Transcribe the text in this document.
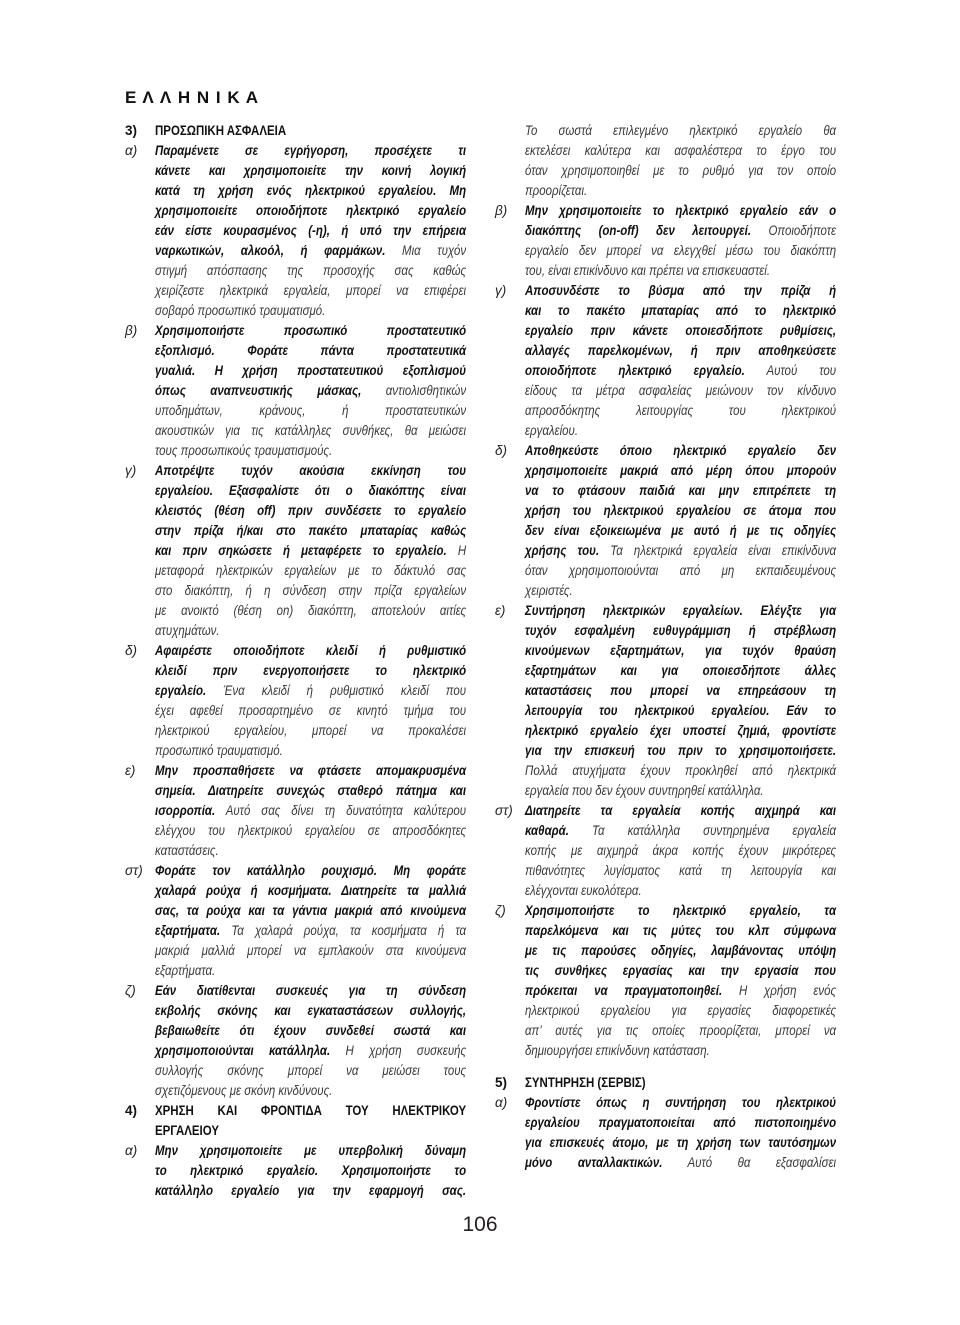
Ε Λ Λ Η Ν Ι Κ Α
3) ΠΡΟΣΩΠΙΚΗ ΑΣΦΑΛΕΙΑ
α) Παραμένετε σε εγρήγορση, προσέχετε τι
κάνετε και χρησιμοποιείτε την κοινή λογική
κατά τη χρήση ενός ηλεκτρικού εργαλείου. Μη
χρησιμοποιείτε οποιοδήποτε ηλεκτρικό εργαλείο
εάν είστε κουρασμένος (-η), ή υπό την επήρεια
ναρκωτικών, αλκοόλ, ή φαρμάκων. Μια τυχόν
στιγμή απόσπασης της προσοχής σας καθώς
χειρίζεστε ηλεκτρικά εργαλεία, μπορεί να επιφέρει
σοβαρό προσωπικό τραυματισμό.
β) Χρησιμοποιήστε προσωπικό προστατευτικό
εξοπλισμό. Φοράτε πάντα προστατευτικά
γυαλιά. Η χρήση προστατευτικού εξοπλισμού
όπως αναπνευστικής μάσκας, αντιολισθητικών
υποδημάτων, κράνους, ή προστατευτικών
ακουστικών για τις κατάλληλες συνθήκες, θα μειώσει
τους προσωπικούς τραυματισμούς.
γ) Αποτρέψτε τυχόν ακούσια εκκίνηση του
εργαλείου. Εξασφαλίστε ότι ο διακόπτης είναι
κλειστός (θέση off) πριν συνδέσετε το εργαλείο
στην πρίζα ή/και στο πακέτο μπαταρίας καθώς
και πριν σηκώσετε ή μεταφέρετε το εργαλείο. Η
μεταφορά ηλεκτρικών εργαλείων με το δάκτυλό σας
στο διακόπτη, ή η σύνδεση στην πρίζα εργαλείων
με ανοικτό (θέση on) διακόπτη, αποτελούν αιτίες
ατυχημάτων.
δ) Αφαιρέστε οποιοδήποτε κλειδί ή ρυθμιστικό
κλειδί πριν ενεργοποιήσετε το ηλεκτρικό
εργαλείο. Ένα κλειδί ή ρυθμιστικό κλειδί που
έχει αφεθεί προσαρτημένο σε κινητό τμήμα του
ηλεκτρικού εργαλείου, μπορεί να προκαλέσει
προσωπικό τραυματισμό.
ε) Μην προσπαθήσετε να φτάσετε απομακρυσμένα
σημεία. Διατηρείτε συνεχώς σταθερό πάτημα και
ισορροπία. Αυτό σας δίνει τη δυνατότητα καλύτερου
ελέγχου του ηλεκτρικού εργαλείου σε απροσδόκητες
καταστάσεις.
στ) Φοράτε τον κατάλληλο ρουχισμό. Μη φοράτε
χαλαρά ρούχα ή κοσμήματα. Διατηρείτε τα μαλλιά
σας, τα ρούχα και τα γάντια μακριά από κινούμενα
εξαρτήματα. Τα χαλαρά ρούχα, τα κοσμήματα ή τα
μακριά μαλλιά μπορεί να εμπλακούν στα κινούμενα
εξαρτήματα.
ζ) Εάν διατίθενται συσκευές για τη σύνδεση
εκβολής σκόνης και εγκαταστάσεων συλλογής,
βεβαιωθείτε ότι έχουν συνδεθεί σωστά και
χρησιμοποιούνται κατάλληλα. Η χρήση συσκευής
συλλογής σκόνης μπορεί να μειώσει τους
σχετιζόμενους με σκόνη κινδύνους.
4) ΧΡΗΣΗ ΚΑΙ ΦΡΟΝΤΙΔΑ ΤΟΥ ΗΛΕΚΤΡΙΚΟΥ
ΕΡΓΑΛΕΙΟΥ
α) Μην χρησιμοποιείτε με υπερβολική δύναμη
το ηλεκτρικό εργαλείο. Χρησιμοποιήστε το
κατάλληλο εργαλείο για την εφαρμογή σας.
Το σωστά επιλεγμένο ηλεκτρικό εργαλείο θα
εκτελέσει καλύτερα και ασφαλέστερα το έργο του
όταν χρησιμοποιηθεί με το ρυθμό για τον οποίο
προορίζεται.
β) Μην χρησιμοποιείτε το ηλεκτρικό εργαλείο εάν ο
διακόπτης (on-off) δεν λειτουργεί. Οποιοδήποτε
εργαλείο δεν μπορεί να ελεγχθεί μέσω του διακόπτη
του, είναι επικίνδυνο και πρέπει να επισκευαστεί.
γ) Αποσυνδέστε το βύσμα από την πρίζα ή
και το πακέτο μπαταρίας από το ηλεκτρικό
εργαλείο πριν κάνετε οποιεσδήποτε ρυθμίσεις,
αλλαγές παρελκομένων, ή πριν αποθηκεύσετε
οποιοδήποτε ηλεκτρικό εργαλείο. Αυτού του
είδους τα μέτρα ασφαλείας μειώνουν τον κίνδυνο
απροσδόκητης λειτουργίας του ηλεκτρικού
εργαλείου.
δ) Αποθηκεύστε όποιο ηλεκτρικό εργαλείο δεν
χρησιμοποιείτε μακριά από μέρη όπου μπορούν
να το φτάσουν παιδιά και μην επιτρέπετε τη
χρήση του ηλεκτρικού εργαλείου σε άτομα που
δεν είναι εξοικειωμένα με αυτό ή με τις οδηγίες
χρήσης του. Τα ηλεκτρικά εργαλεία είναι επικίνδυνα
όταν χρησιμοποιούνται από μη εκπαιδευμένους
χειριστές.
ε) Συντήρηση ηλεκτρικών εργαλείων. Ελέγξτε για
τυχόν εσφαλμένη ευθυγράμμιση ή στρέβλωση
κινούμενων εξαρτημάτων, για τυχόν θραύση
εξαρτημάτων και για οποιεσδήποτε άλλες
καταστάσεις που μπορεί να επηρεάσουν τη
λειτουργία του ηλεκτρικού εργαλείου. Εάν το
ηλεκτρικό εργαλείο έχει υποστεί ζημιά, φροντίστε
για την επισκευή του πριν το χρησιμοποιήσετε.
Πολλά ατυχήματα έχουν προκληθεί από ηλεκτρικά
εργαλεία που δεν έχουν συντηρηθεί κατάλληλα.
στ) Διατηρείτε τα εργαλεία κοπής αιχμηρά και
καθαρά. Τα κατάλληλα συντηρημένα εργαλεία
κοπής με αιχμηρά άκρα κοπής έχουν μικρότερες
πιθανότητες λυγίσματος κατά τη λειτουργία και
ελέγχονται ευκολότερα.
ζ) Χρησιμοποιήστε το ηλεκτρικό εργαλείο, τα
παρελκόμενα και τις μύτες του κλπ σύμφωνα
με τις παρούσες οδηγίες, λαμβάνοντας υπόψη
τις συνθήκες εργασίας και την εργασία που
πρόκειται να πραγματοποιηθεί. Η χρήση ενός
ηλεκτρικού εργαλείου για εργασίες διαφορετικές
απ’ αυτές για τις οποίες προορίζεται, μπορεί να
δημιουργήσει επικίνδυνη κατάσταση.
5) ΣΥΝΤΗΡΗΣΗ (ΣΕΡΒΙΣ)
α) Φροντίστε όπως η συντήρηση του ηλεκτρικού
εργαλείου πραγματοποιείται από πιστοποιημένο
για επισκευές άτομο, με τη χρήση των ταυτόσημων
μόνο ανταλλακτικών. Αυτό θα εξασφαλίσει
106
